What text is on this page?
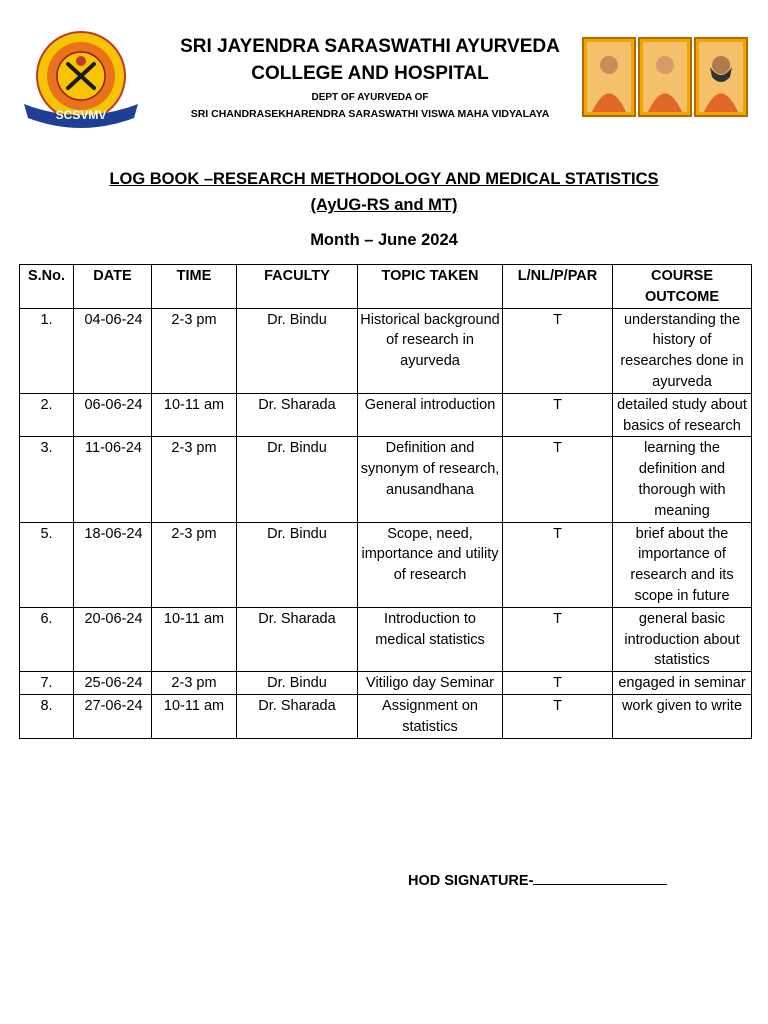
SCSVMV
SRI JAYENDRA SARASWATHI AYURVEDA
COLLEGE AND HOSPITAL
DEPT OF AYURVEDA OF
SRI CHANDRASEKHARENDRA SARASWATHI VISWA MAHA VIDYALAYA
LOG BOOK –RESEARCH METHODOLOGY AND MEDICAL STATISTICS
(AyUG-RS and MT)
Month – June 2024
S.No.	DATE	TIME	FACULTY	TOPIC TAKEN	L/NL/P/PAR	COURSE OUTCOME
1.	04-06-24	2-3 pm	Dr. Bindu	Historical background of research in ayurveda	T	understanding the history of researches done in ayurveda
2.	06-06-24	10-11 am	Dr. Sharada	General introduction	T	detailed study about basics of research
3.	11-06-24	2-3 pm	Dr. Bindu	Definition and synonym of research, anusandhana	T	learning the definition and thorough with meaning
5.	18-06-24	2-3 pm	Dr. Bindu	Scope, need, importance and utility of research	T	brief about the importance of research and its scope in future
6.	20-06-24	10-11 am	Dr. Sharada	Introduction to medical statistics	T	general basic introduction about statistics
7.	25-06-24	2-3 pm	Dr. Bindu	Vitiligo day Seminar	T	engaged in seminar
8.	27-06-24	10-11 am	Dr. Sharada	Assignment on statistics	T	work given to write
HOD SIGNATURE-
